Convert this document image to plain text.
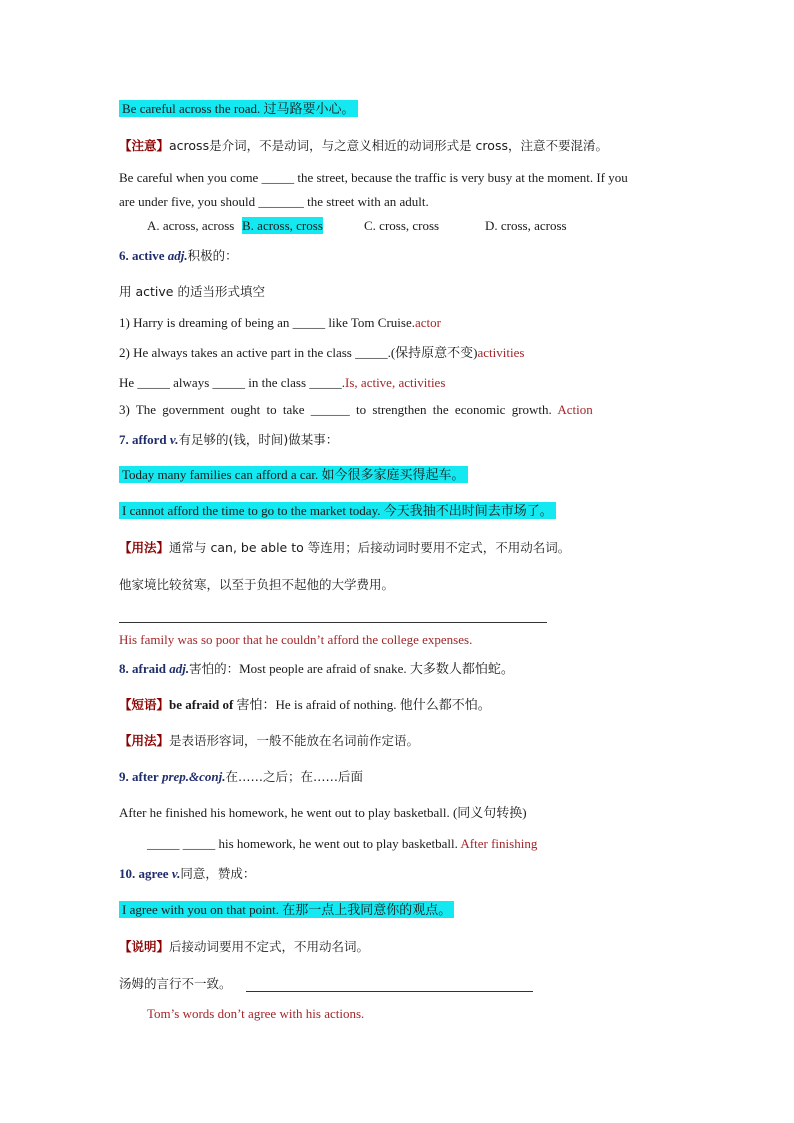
Be careful across the road. 过马路要小心。
【注意】across是介词，不是动词，与之意义相近的动词形式是 cross，注意不要混淆。
Be careful when you come _____ the street, because the traffic is very busy at the moment. If you
are under five, you should _______ the street with an adult.
A. across, across B. across, cross	C. cross, cross	D. cross, across
6. active adj.积极的：
用 active 的适当形式填空
1) Harry is dreaming of being an _____ like Tom Cruise.actor
2) He always takes an active part in the class _____.(保持原意不变)activities
He _____ always _____ in the class _____.Is, active, activities
3) The government ought to take ______ to strengthen the economic growth. Action
7. afford v.有足够的(钱，时间)做某事：
Today many families can afford a car. 如今很多家庭买得起车。
I cannot afford the time to go to the market today. 今天我抽不出时间去市场了。
【用法】通常与 can, be able to 等连用；后接动词时要用不定式，不用动名词。
他家境比较贫寒，以至于负担不起他的大学费用。
His family was so poor that he couldn’t afford the college expenses.
8. afraid adj.害怕的：Most people are afraid of snake. 大多数人都怕蛇。
【短语】be afraid of 害怕：He is afraid of nothing. 他什么都不怕。
【用法】是表语形容词，一般不能放在名词前作定语。
9. after prep.&conj.在……之后；在……后面
After he finished his homework, he went out to play basketball. (同义句转换)
_____ _____ his homework, he went out to play basketball. After finishing
10. agree v.同意，赞成：
I agree with you on that point. 在那一点上我同意你的观点。
【说明】后接动词要用不定式，不用动名词。
汤姆的言行不一致。
Tom’s words don’t agree with his actions.
